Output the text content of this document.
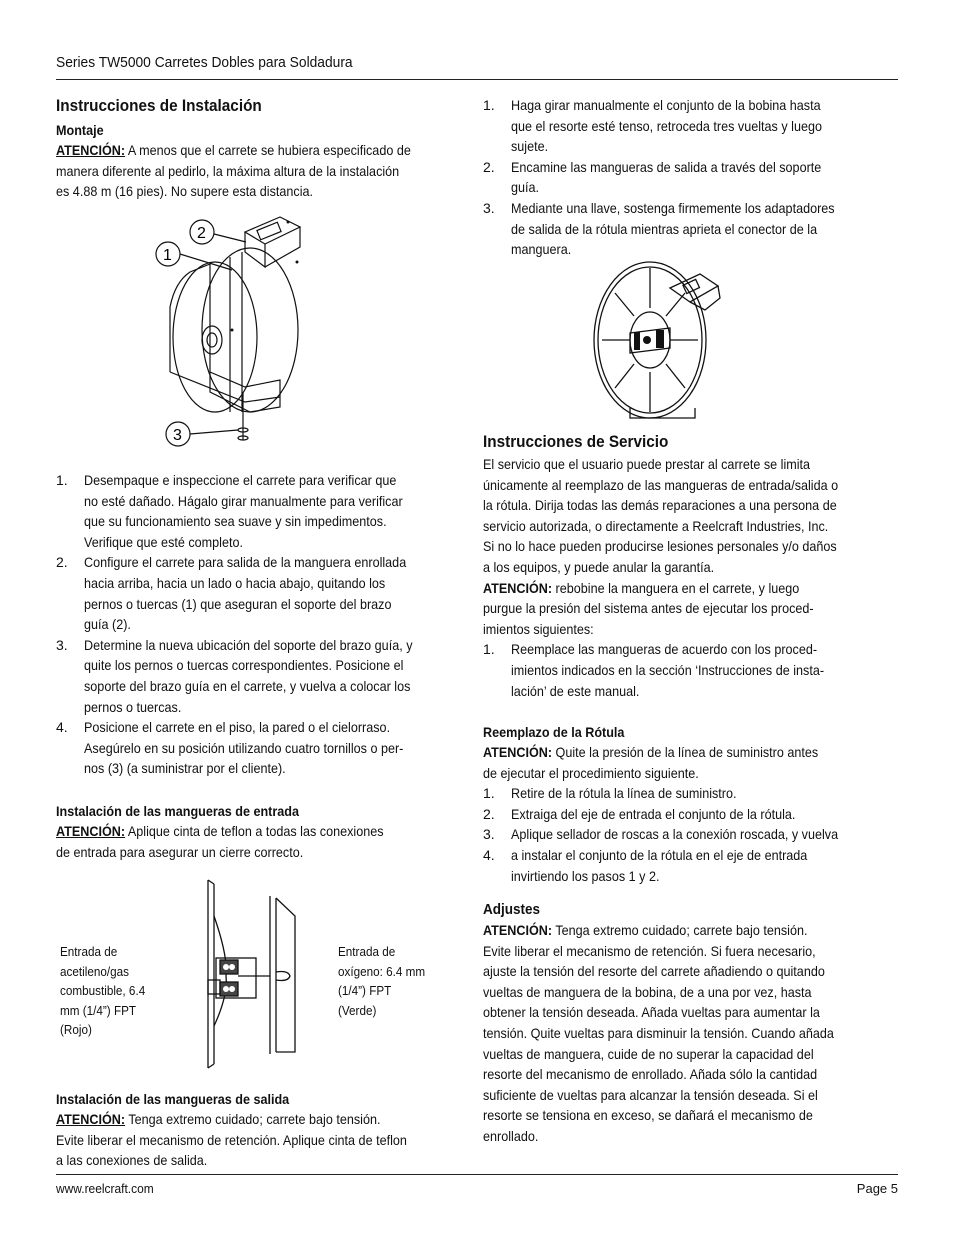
Series TW5000 Carretes Dobles para Soldadura
Instrucciones de Instalación
Montaje

ATENCIÓN: A menos que el carrete se hubiera especificado de

manera diferente al pedirlo, la máxima altura de la instalación

es 4.88 m (16 pies). No supere esta distancia.

1
2
3
1. Desempaque e inspeccione el carrete para verificar que

no esté dañado. Hágalo girar manualmente para verificar

que su funcionamiento sea suave y sin impedimentos.

Verifique que esté completo.

2. Configure el carrete para salida de la manguera enrollada

hacia arriba, hacia un lado o hacia abajo, quitando los

pernos o tuercas (1) que aseguran el soporte del brazo

guía (2).

3. Determine la nueva ubicación del soporte del brazo guía, y

quite los pernos o tuercas correspondientes. Posicione el

soporte del brazo guía en el carrete, y vuelva a colocar los

pernos o tuercas.

4. Posicione el carrete en el piso, la pared o el cielorraso.

Asegúrelo en su posición utilizando cuatro tornillos o per-

nos (3) (a suministrar por el cliente).

Instalación de las mangueras de entrada

ATENCIÓN: Aplique cinta de teflon a todas las conexiones

de entrada para asegurar un cierre correcto.

Entrada de
acetileno/gas
combustible, 6.4
mm (1/4”) FPT
(Rojo)
Entrada de
oxígeno: 6.4 mm
(1/4”) FPT
(Verde)
Instalación de las mangueras de salida

ATENCIÓN: Tenga extremo cuidado; carrete bajo tensión.

Evite liberar el mecanismo de retención. Aplique cinta de teflon

a las conexiones de salida.

1. Haga girar manualmente el conjunto de la bobina hasta

que el resorte esté tenso, retroceda tres vueltas y luego

sujete.

2. Encamine las mangueras de salida a través del soporte

guía.

3. Mediante una llave, sostenga firmemente los adaptadores

de salida de la rótula mientras aprieta el conector de la

manguera.

Instrucciones de Servicio

El servicio que el usuario puede prestar al carrete se limita

únicamente al reemplazo de las mangueras de entrada/salida o

la rótula. Dirija todas las demás reparaciones a una persona de

servicio autorizada, o directamente a Reelcraft Industries, Inc.

Si no lo hace pueden producirse lesiones personales y/o daños

a los equipos, y puede anular la garantía.

ATENCIÓN: rebobine la manguera en el carrete, y luego

purgue la presión del sistema antes de ejecutar los proced-

imientos siguientes:

1. Reemplace las mangueras de acuerdo con los proced-

imientos indicados en la sección ‘Instrucciones de insta-

lación’ de este manual.

Reemplazo de la Rótula

ATENCIÓN: Quite la presión de la línea de suministro antes

de ejecutar el procedimiento siguiente.

1. Retire de la rótula la línea de suministro.

2. Extraiga del eje de entrada el conjunto de la rótula.

3. Aplique sellador de roscas a la conexión roscada, y vuelva

4. a instalar el conjunto de la rótula en el eje de entrada

invirtiendo los pasos 1 y 2.

Adjustes

ATENCIÓN: Tenga extremo cuidado; carrete bajo tensión.

Evite liberar el mecanismo de retención. Si fuera necesario,

ajuste la tensión del resorte del carrete añadiendo o quitando

vueltas de manguera de la bobina, de a una por vez, hasta

obtener la tensión deseada. Añada vueltas para aumentar la

tensión. Quite vueltas para disminuir la tensión. Cuando añada

vueltas de manguera, cuide de no superar la capacidad del

resorte del mecanismo de enrollado. Añada sólo la cantidad

suficiente de vueltas para alcanzar la tensión deseada. Si el

resorte se tensiona en exceso, se dañará el mecanismo de

enrollado.

www.reelcraft.com	Page 5
